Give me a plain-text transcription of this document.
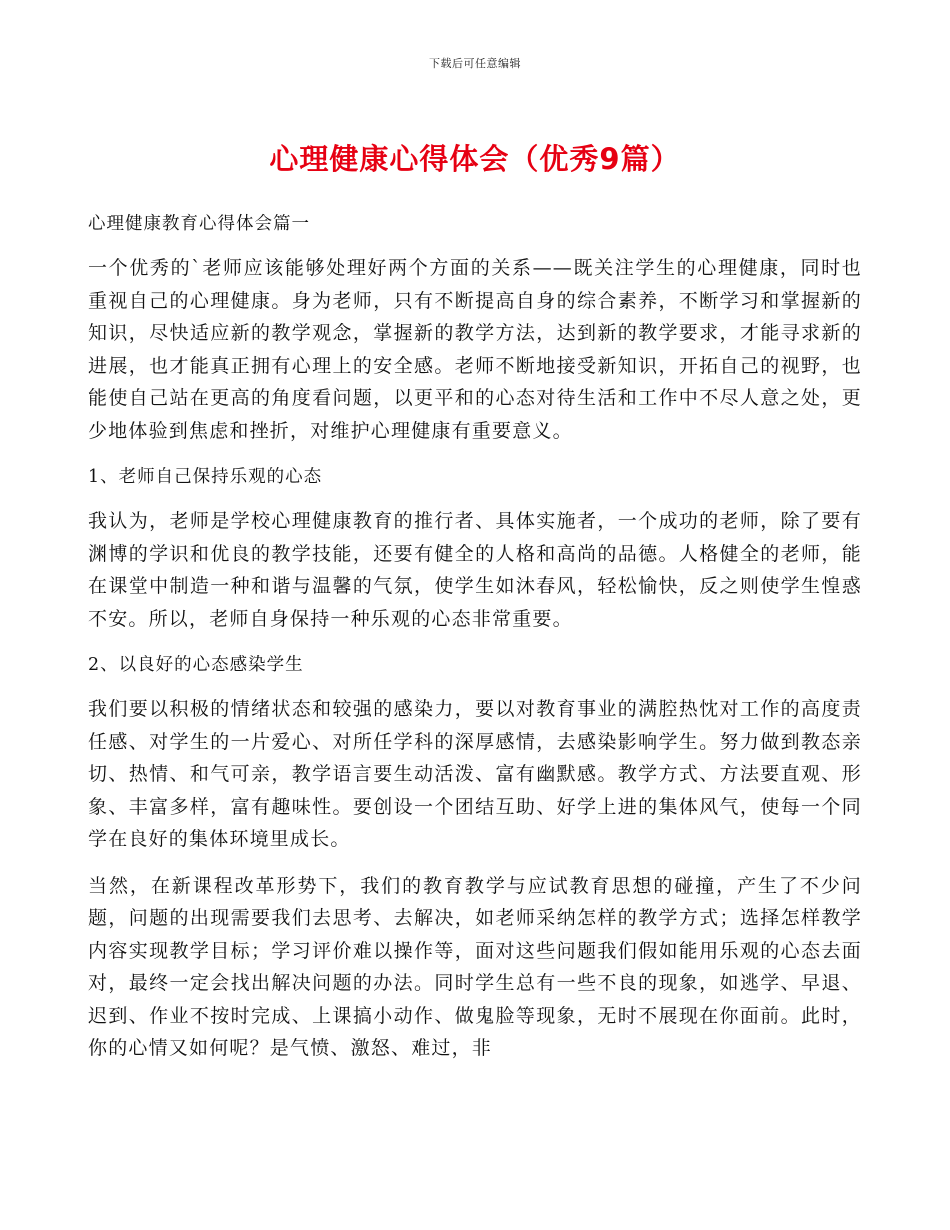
下载后可任意编辑
心理健康心得体会（优秀9篇）

心理健康教育心得体会篇一

一个优秀的`老师应该能够处理好两个方面的关系——既关注学生的心理健康，同时也重视自己的心理健康。身为老师，只有不断提高自身的综合素养，不断学习和掌握新的知识，尽快适应新的教学观念，掌握新的教学方法，达到新的教学要求，才能寻求新的进展，也才能真正拥有心理上的安全感。老师不断地接受新知识，开拓自己的视野，也能使自己站在更高的角度看问题，以更平和的心态对待生活和工作中不尽人意之处，更少地体验到焦虑和挫折，对维护心理健康有重要意义。

1、老师自己保持乐观的心态

我认为，老师是学校心理健康教育的推行者、具体实施者，一个成功的老师，除了要有渊博的学识和优良的教学技能，还要有健全的人格和高尚的品德。人格健全的老师，能在课堂中制造一种和谐与温馨的气氛，使学生如沐春风，轻松愉快，反之则使学生惶惑不安。所以，老师自身保持一种乐观的心态非常重要。

2、以良好的心态感染学生

我们要以积极的情绪状态和较强的感染力，要以对教育事业的满腔热忱对工作的高度责任感、对学生的一片爱心、对所任学科的深厚感情，去感染影响学生。努力做到教态亲切、热情、和气可亲，教学语言要生动活泼、富有幽默感。教学方式、方法要直观、形象、丰富多样，富有趣味性。要创设一个团结互助、好学上进的集体风气，使每一个同学在良好的集体环境里成长。

当然，在新课程改革形势下，我们的教育教学与应试教育思想的碰撞，产生了不少问题，问题的出现需要我们去思考、去解决，如老师采纳怎样的教学方式；选择怎样教学内容实现教学目标；学习评价难以操作等，面对这些问题我们假如能用乐观的心态去面对，最终一定会找出解决问题的办法。同时学生总有一些不良的现象，如逃学、早退、迟到、作业不按时完成、上课搞小动作、做鬼脸等现象，无时不展现在你面前。此时，你的心情又如何呢？是气愤、激怒、难过，非
